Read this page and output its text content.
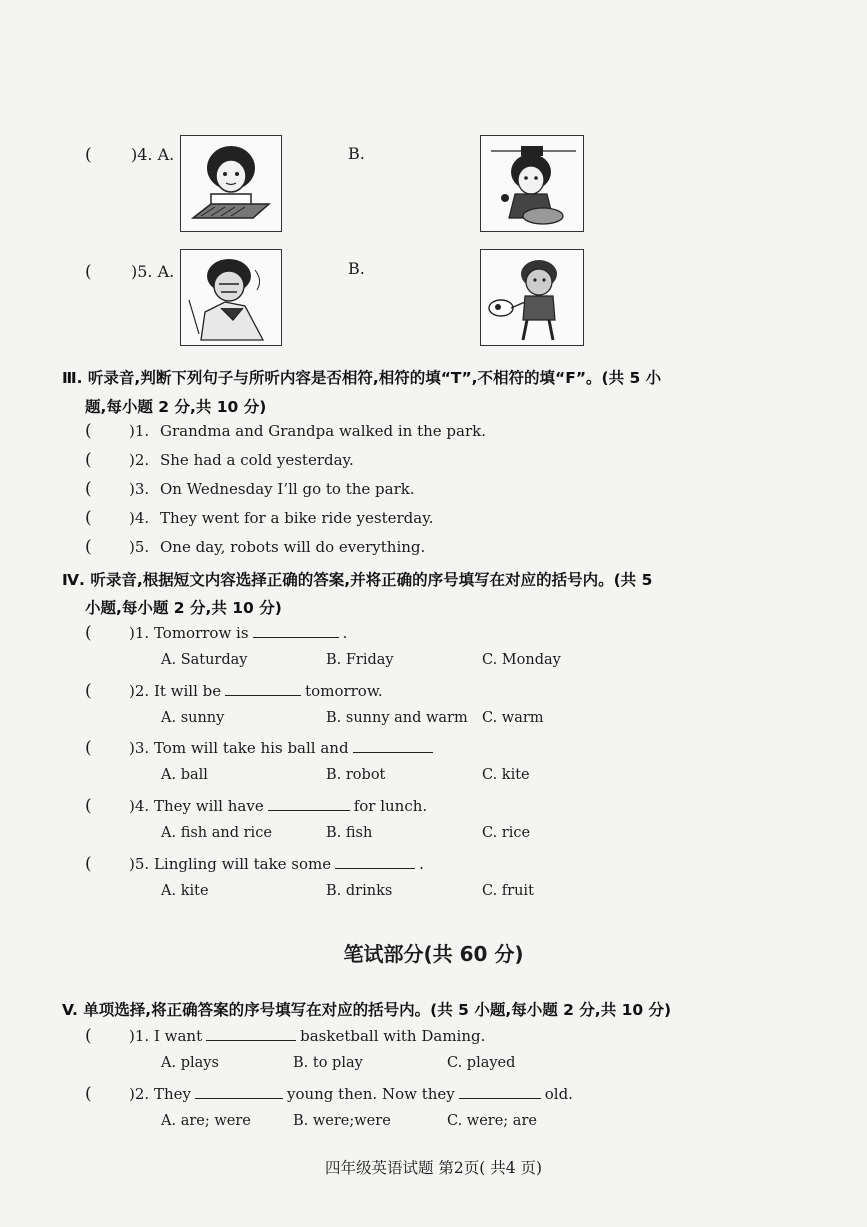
( )4. A.	B.
( )5. A.	B.
Ⅲ. 听录音,判断下列句子与所听内容是否相符,相符的填“T”,不相符的填“F”。(共 5 小
题,每小题 2 分,共 10 分)
( )1. Grandma and Grandpa walked in the park.
( )2. She had a cold yesterday.
( )3. On Wednesday I’ll go to the park.
( )4. They went for a bike ride yesterday.
( )5. One day, robots will do everything.
Ⅳ. 听录音,根据短文内容选择正确的答案,并将正确的序号填写在对应的括号内。(共 5
小题,每小题 2 分,共 10 分)
( )1. Tomorrow is	.
A. Saturday	B. Friday	C. Monday
( )2. It will be	tomorrow.
A. sunny	B. sunny and warm C. warm
( )3. Tom will take his ball and
A. ball	B. robot	C. kite
( )4. They will have	for lunch.
A. fish and rice	B. fish	C. rice
( )5. Lingling will take some	.
A. kite	B. drinks	C. fruit
笔试部分(共 60 分)
V. 单项选择,将正确答案的序号填写在对应的括号内。(共 5 小题,每小题 2 分,共 10 分)
( )1. I want	basketball with Daming.
A. plays	B. to play	C. played
( )2. They	young then. Now they	old.
A. are; were	B. were;were	C. were; are
四年级英语试题 第2页( 共4 页)
